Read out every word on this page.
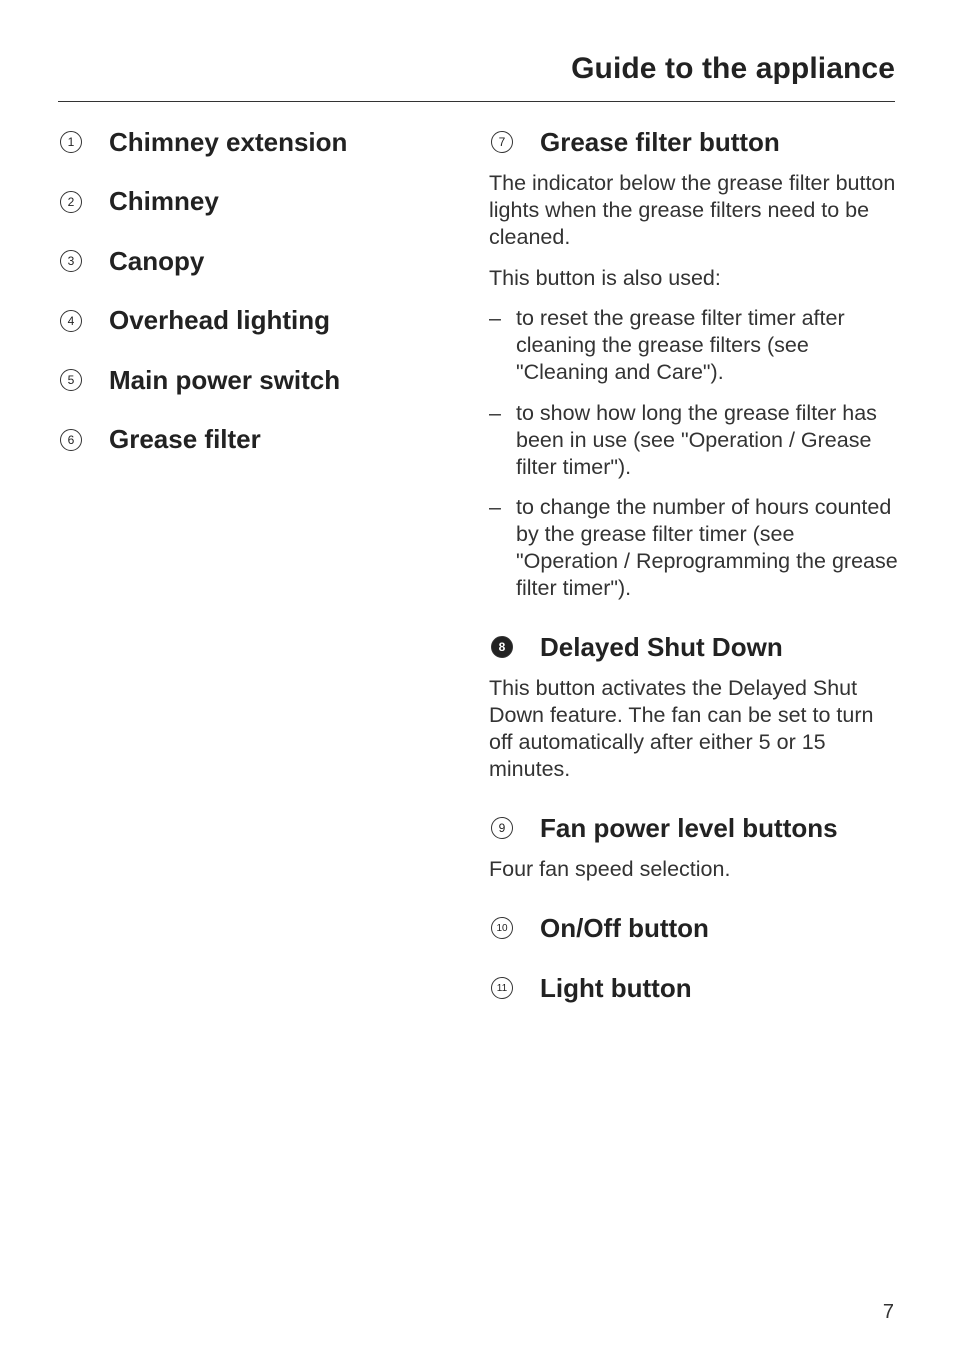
Guide to the appliance
1 Chimney extension
2 Chimney
3 Canopy
4 Overhead lighting
5 Main power switch
6 Grease filter
7 Grease filter button

The indicator below the grease filter button lights when the grease filters need to be cleaned.

This button is also used:

– to reset the grease filter timer after cleaning the grease filters (see "Cleaning and Care").
– to show how long the grease filter has been in use (see "Operation / Grease filter timer").
– to change the number of hours counted by the grease filter timer (see "Operation / Reprogramming the grease filter timer").
8 Delayed Shut Down

This button activates the Delayed Shut Down feature. The fan can be set to turn off automatically after either 5 or 15 minutes.

9 Fan power level buttons

Four fan speed selection.

10 On/Off button
11 Light button
7
